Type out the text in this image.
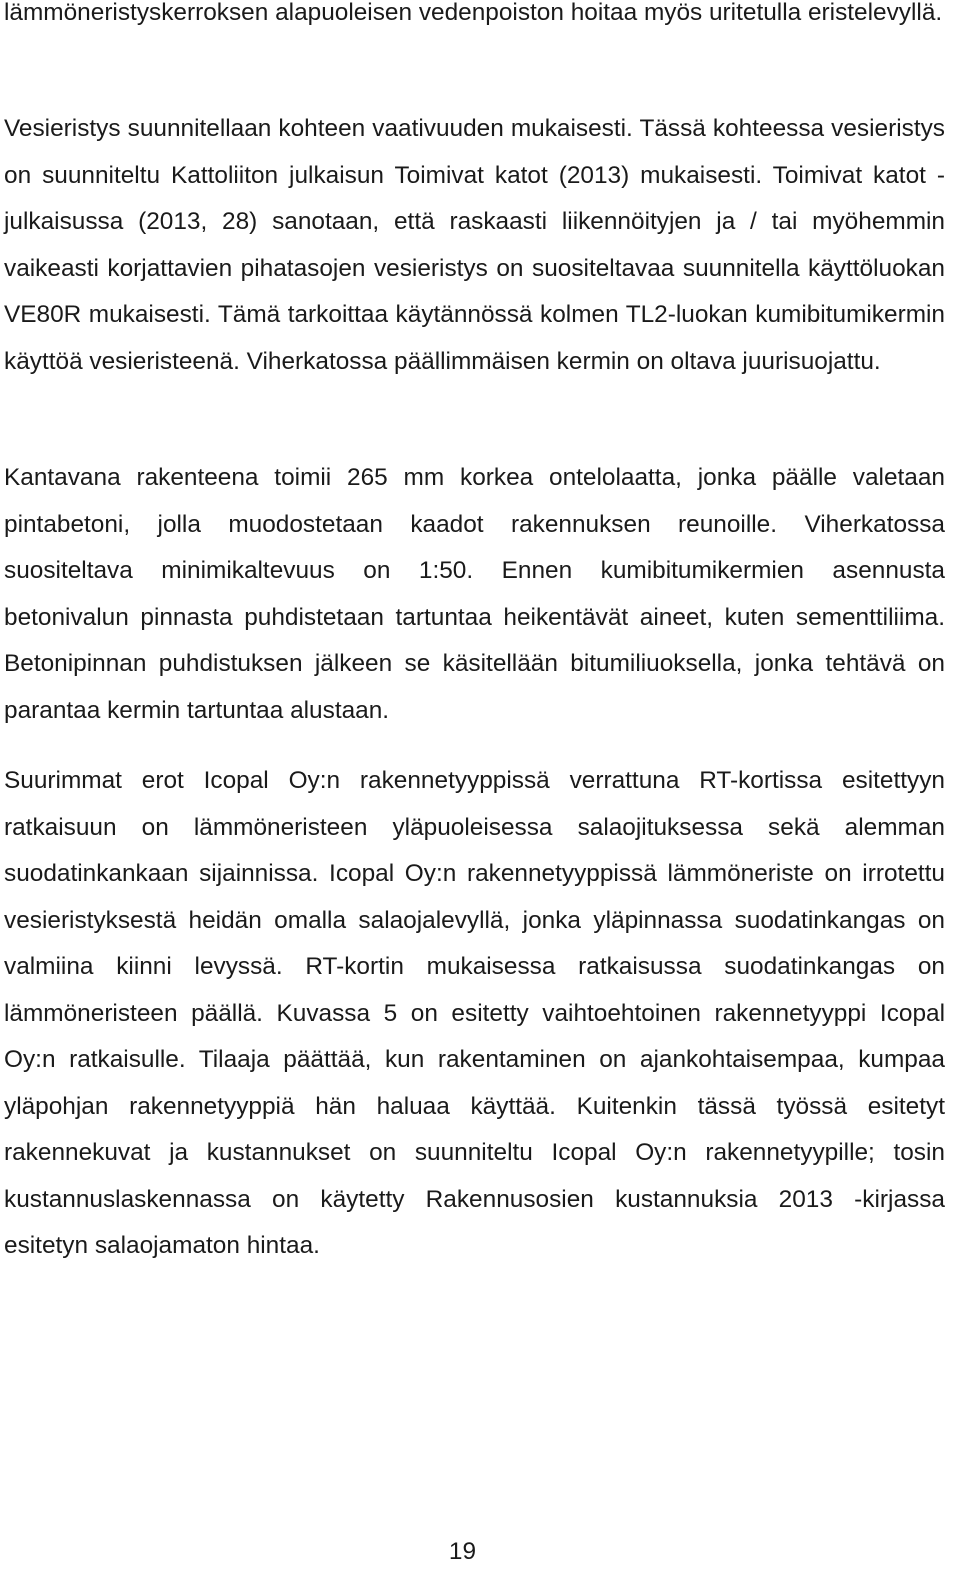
lämmöneristyskerroksen alapuoleisen vedenpoiston hoitaa myös uritetulla eristelevyllä.

Vesieristys suunnitellaan kohteen vaativuuden mukaisesti. Tässä kohteessa vesieristys on suunniteltu Kattoliiton julkaisun Toimivat katot (2013) mukaisesti. Toimivat katot -julkaisussa (2013, 28) sanotaan, että raskaasti liikennöityjen ja / tai myöhemmin vaikeasti korjattavien pihatasojen vesieristys on suositeltavaa suunnitella käyttöluokan VE80R mukaisesti. Tämä tarkoittaa käytännössä kolmen TL2-luokan kumibitumikermin käyttöä vesieristeenä. Viherkatossa päällimmäisen kermin on oltava juurisuojattu.

Kantavana rakenteena toimii 265 mm korkea ontelolaatta, jonka päälle valetaan pintabetoni, jolla muodostetaan kaadot rakennuksen reunoille. Viherkatossa suositeltava minimikaltevuus on 1:50. Ennen kumibitumikermien asennusta betonivalun pinnasta puhdistetaan tartuntaa heikentävät aineet, kuten sementtiliima. Betonipinnan puhdistuksen jälkeen se käsitellään bitumiliuoksella, jonka tehtävä on parantaa kermin tartuntaa alustaan.

Suurimmat erot Icopal Oy:n rakennetyyppissä verrattuna RT-kortissa esitettyyn ratkaisuun on lämmöneristeen yläpuoleisessa salaojituksessa sekä alemman suodatinkankaan sijainnissa. Icopal Oy:n rakennetyyppissä lämmöneriste on irrotettu vesieristyksestä heidän omalla salaojalevyllä, jonka yläpinnassa suodatinkangas on valmiina kiinni levyssä. RT-kortin mukaisessa ratkaisussa suodatinkangas on lämmöneristeen päällä. Kuvassa 5 on esitetty vaihtoehtoinen rakennetyyppi Icopal Oy:n ratkaisulle. Tilaaja päättää, kun rakentaminen on ajankohtaisempaa, kumpaa yläpohjan rakennetyyppiä hän haluaa käyttää. Kuitenkin tässä työssä esitetyt rakennekuvat ja kustannukset on suunniteltu Icopal Oy:n rakennetyypille; tosin kustannuslaskennassa on käytetty Rakennusosien kustannuksia 2013 -kirjassa esitetyn salaojamaton hintaa.

19
